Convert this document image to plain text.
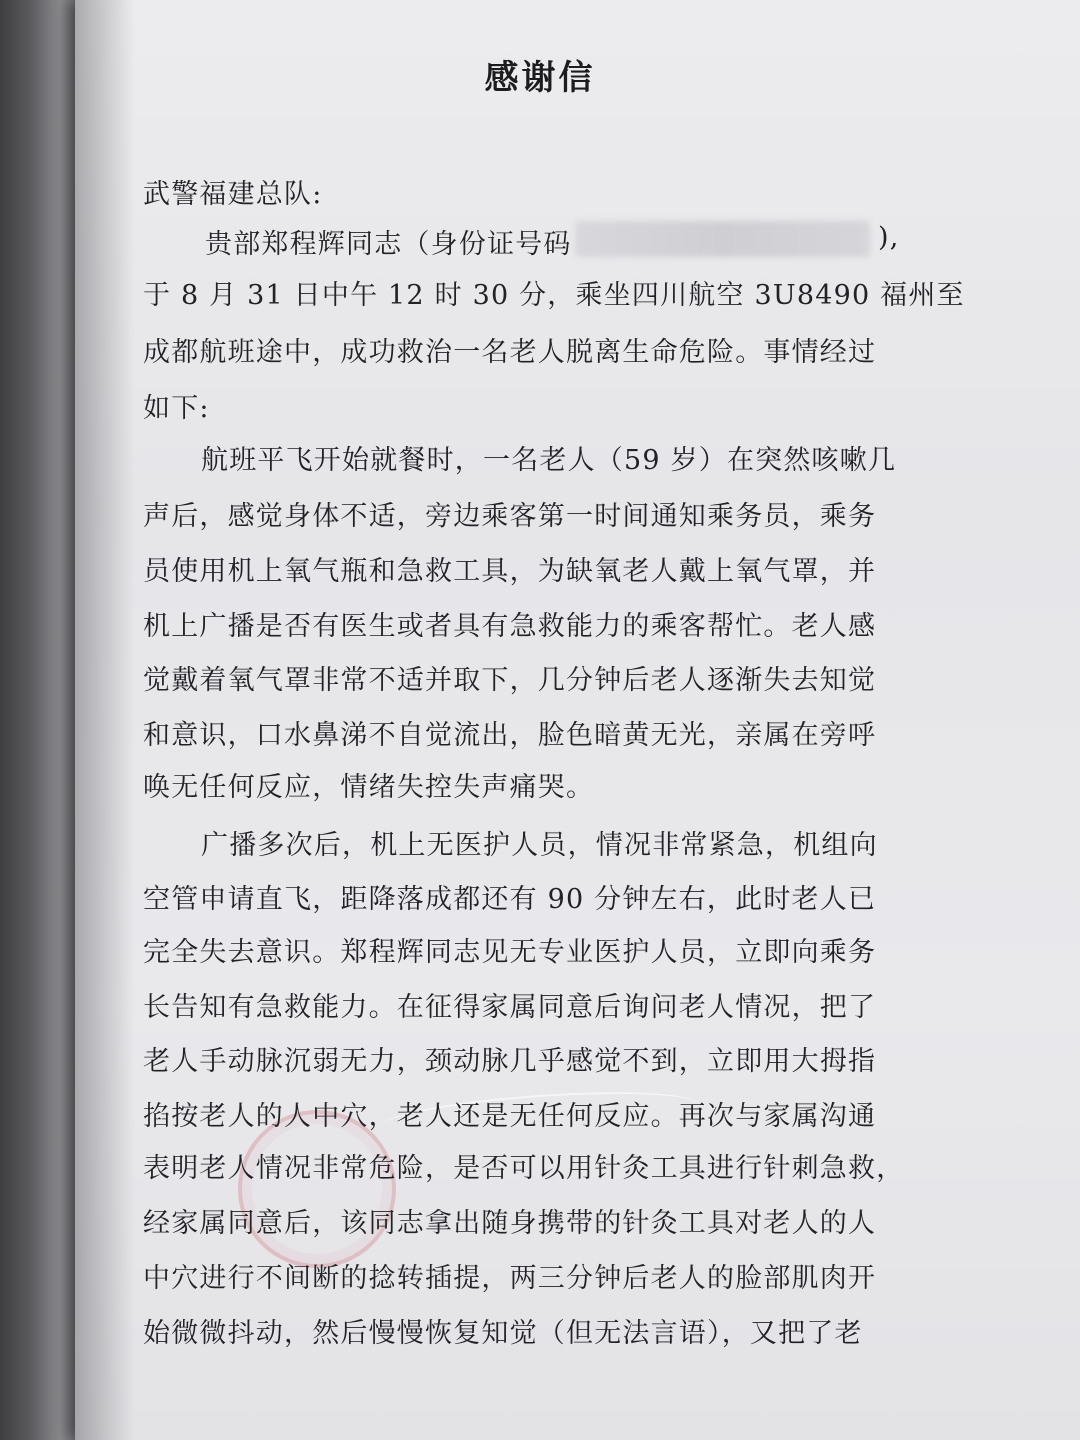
感谢信
武警福建总队:
贵部郑程辉同志（身份证号码	),
于 8 月 31 日中午 12 时 30 分，乘坐四川航空 3U8490 福州至
成都航班途中，成功救治一名老人脱离生命危险。事情经过
如下:
航班平飞开始就餐时，一名老人（59 岁）在突然咳嗽几
声后，感觉身体不适，旁边乘客第一时间通知乘务员，乘务
员使用机上氧气瓶和急救工具，为缺氧老人戴上氧气罩，并
机上广播是否有医生或者具有急救能力的乘客帮忙。老人感
觉戴着氧气罩非常不适并取下，几分钟后老人逐渐失去知觉
和意识，口水鼻涕不自觉流出，脸色暗黄无光，亲属在旁呼
唤无任何反应，情绪失控失声痛哭。
广播多次后，机上无医护人员，情况非常紧急，机组向
空管申请直飞，距降落成都还有 90 分钟左右，此时老人已
完全失去意识。郑程辉同志见无专业医护人员，立即向乘务
长告知有急救能力。在征得家属同意后询问老人情况，把了
老人手动脉沉弱无力，颈动脉几乎感觉不到，立即用大拇指
掐按老人的人中穴，老人还是无任何反应。再次与家属沟通
表明老人情况非常危险，是否可以用针灸工具进行针刺急救，
经家属同意后，该同志拿出随身携带的针灸工具对老人的人
中穴进行不间断的捻转插提，两三分钟后老人的脸部肌肉开
始微微抖动，然后慢慢恢复知觉（但无法言语），又把了老
